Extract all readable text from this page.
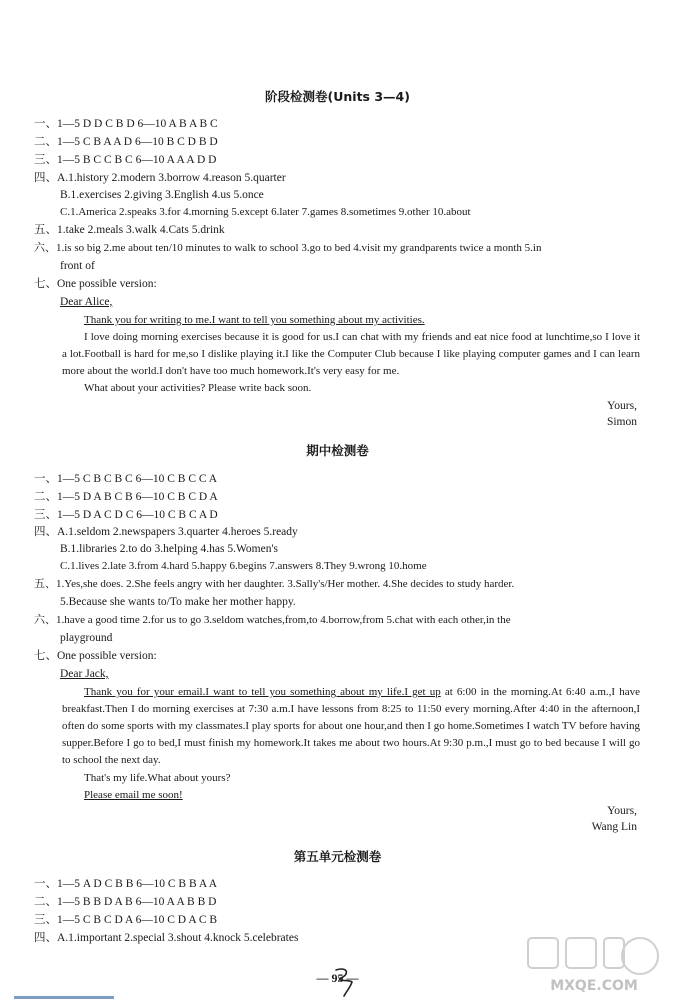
阶段检测卷(Units 3—4)
一、1—5 D D C B D 6—10 A B A B C
二、1—5 C B A A D 6—10 B C D B D
三、1—5 B C C B C 6—10 A A A D D
四、A.1.history 2.modern 3.borrow 4.reason 5.quarter
B.1.exercises 2.giving 3.English 4.us 5.once
C.1.America 2.speaks 3.for 4.morning 5.except 6.later 7.games 8.sometimes 9.other 10.about
五、1.take 2.meals 3.walk 4.Cats 5.drink
六、1.is so big 2.me about ten/10 minutes to walk to school 3.go to bed 4.visit my grandparents twice a month 5.in
front of
七、One possible version:
Dear Alice,

Thank you for writing to me.I want to tell you something about my activities.

I love doing morning exercises because it is good for us.I can chat with my friends and eat nice food at lunchtime,so I love it a lot.Football is hard for me,so I dislike playing it.I like the Computer Club because I like playing computer games and I can learn more about the world.I don't have too much homework.It's very easy for me.

What about your activities? Please write back soon.
Yours,
Simon
期中检测卷
一、1—5 C B C B C 6—10 C B C C A
二、1—5 D A B C B 6—10 C B C D A
三、1—5 D A C D C 6—10 C B C A D
四、A.1.seldom 2.newspapers 3.quarter 4.heroes 5.ready
B.1.libraries 2.to do 3.helping 4.has 5.Women's
C.1.lives 2.late 3.from 4.hard 5.happy 6.begins 7.answers 8.They 9.wrong 10.home
五、1.Yes,she does. 2.She feels angry with her daughter. 3.Sally's/Her mother. 4.She decides to study harder.
5.Because she wants to/To make her mother happy.
六、1.have a good time 2.for us to go 3.seldom watches,from,to 4.borrow,from 5.chat with each other,in the
playground
七、One possible version:
Dear Jack,

Thank you for your email.I want to tell you something about my life.I get up at 6:00 in the morning.At 6:40 a.m.,I have breakfast.Then I do morning exercises at 7:30 a.m.I have lessons from 8:25 to 11:50 every morning.After 4:40 in the afternoon,I often do some sports with my classmates.I play sports for about one hour,and then I go home.Sometimes I watch TV before having supper.Before I go to bed,I must finish my homework.It takes me about two hours.At 9:30 p.m.,I must go to bed because I will go to school the next day.

That's my life.What about yours?
Please email me soon!
Yours,
Wang Lin
第五单元检测卷
一、1—5 A D C B B 6—10 C B B A A
二、1—5 B B D A B 6—10 A A B B D
三、1—5 C B C D A 6—10 C D A C B
四、A.1.important 2.special 3.shout 4.knock 5.celebrates
— 95 —	MXQE.COM
